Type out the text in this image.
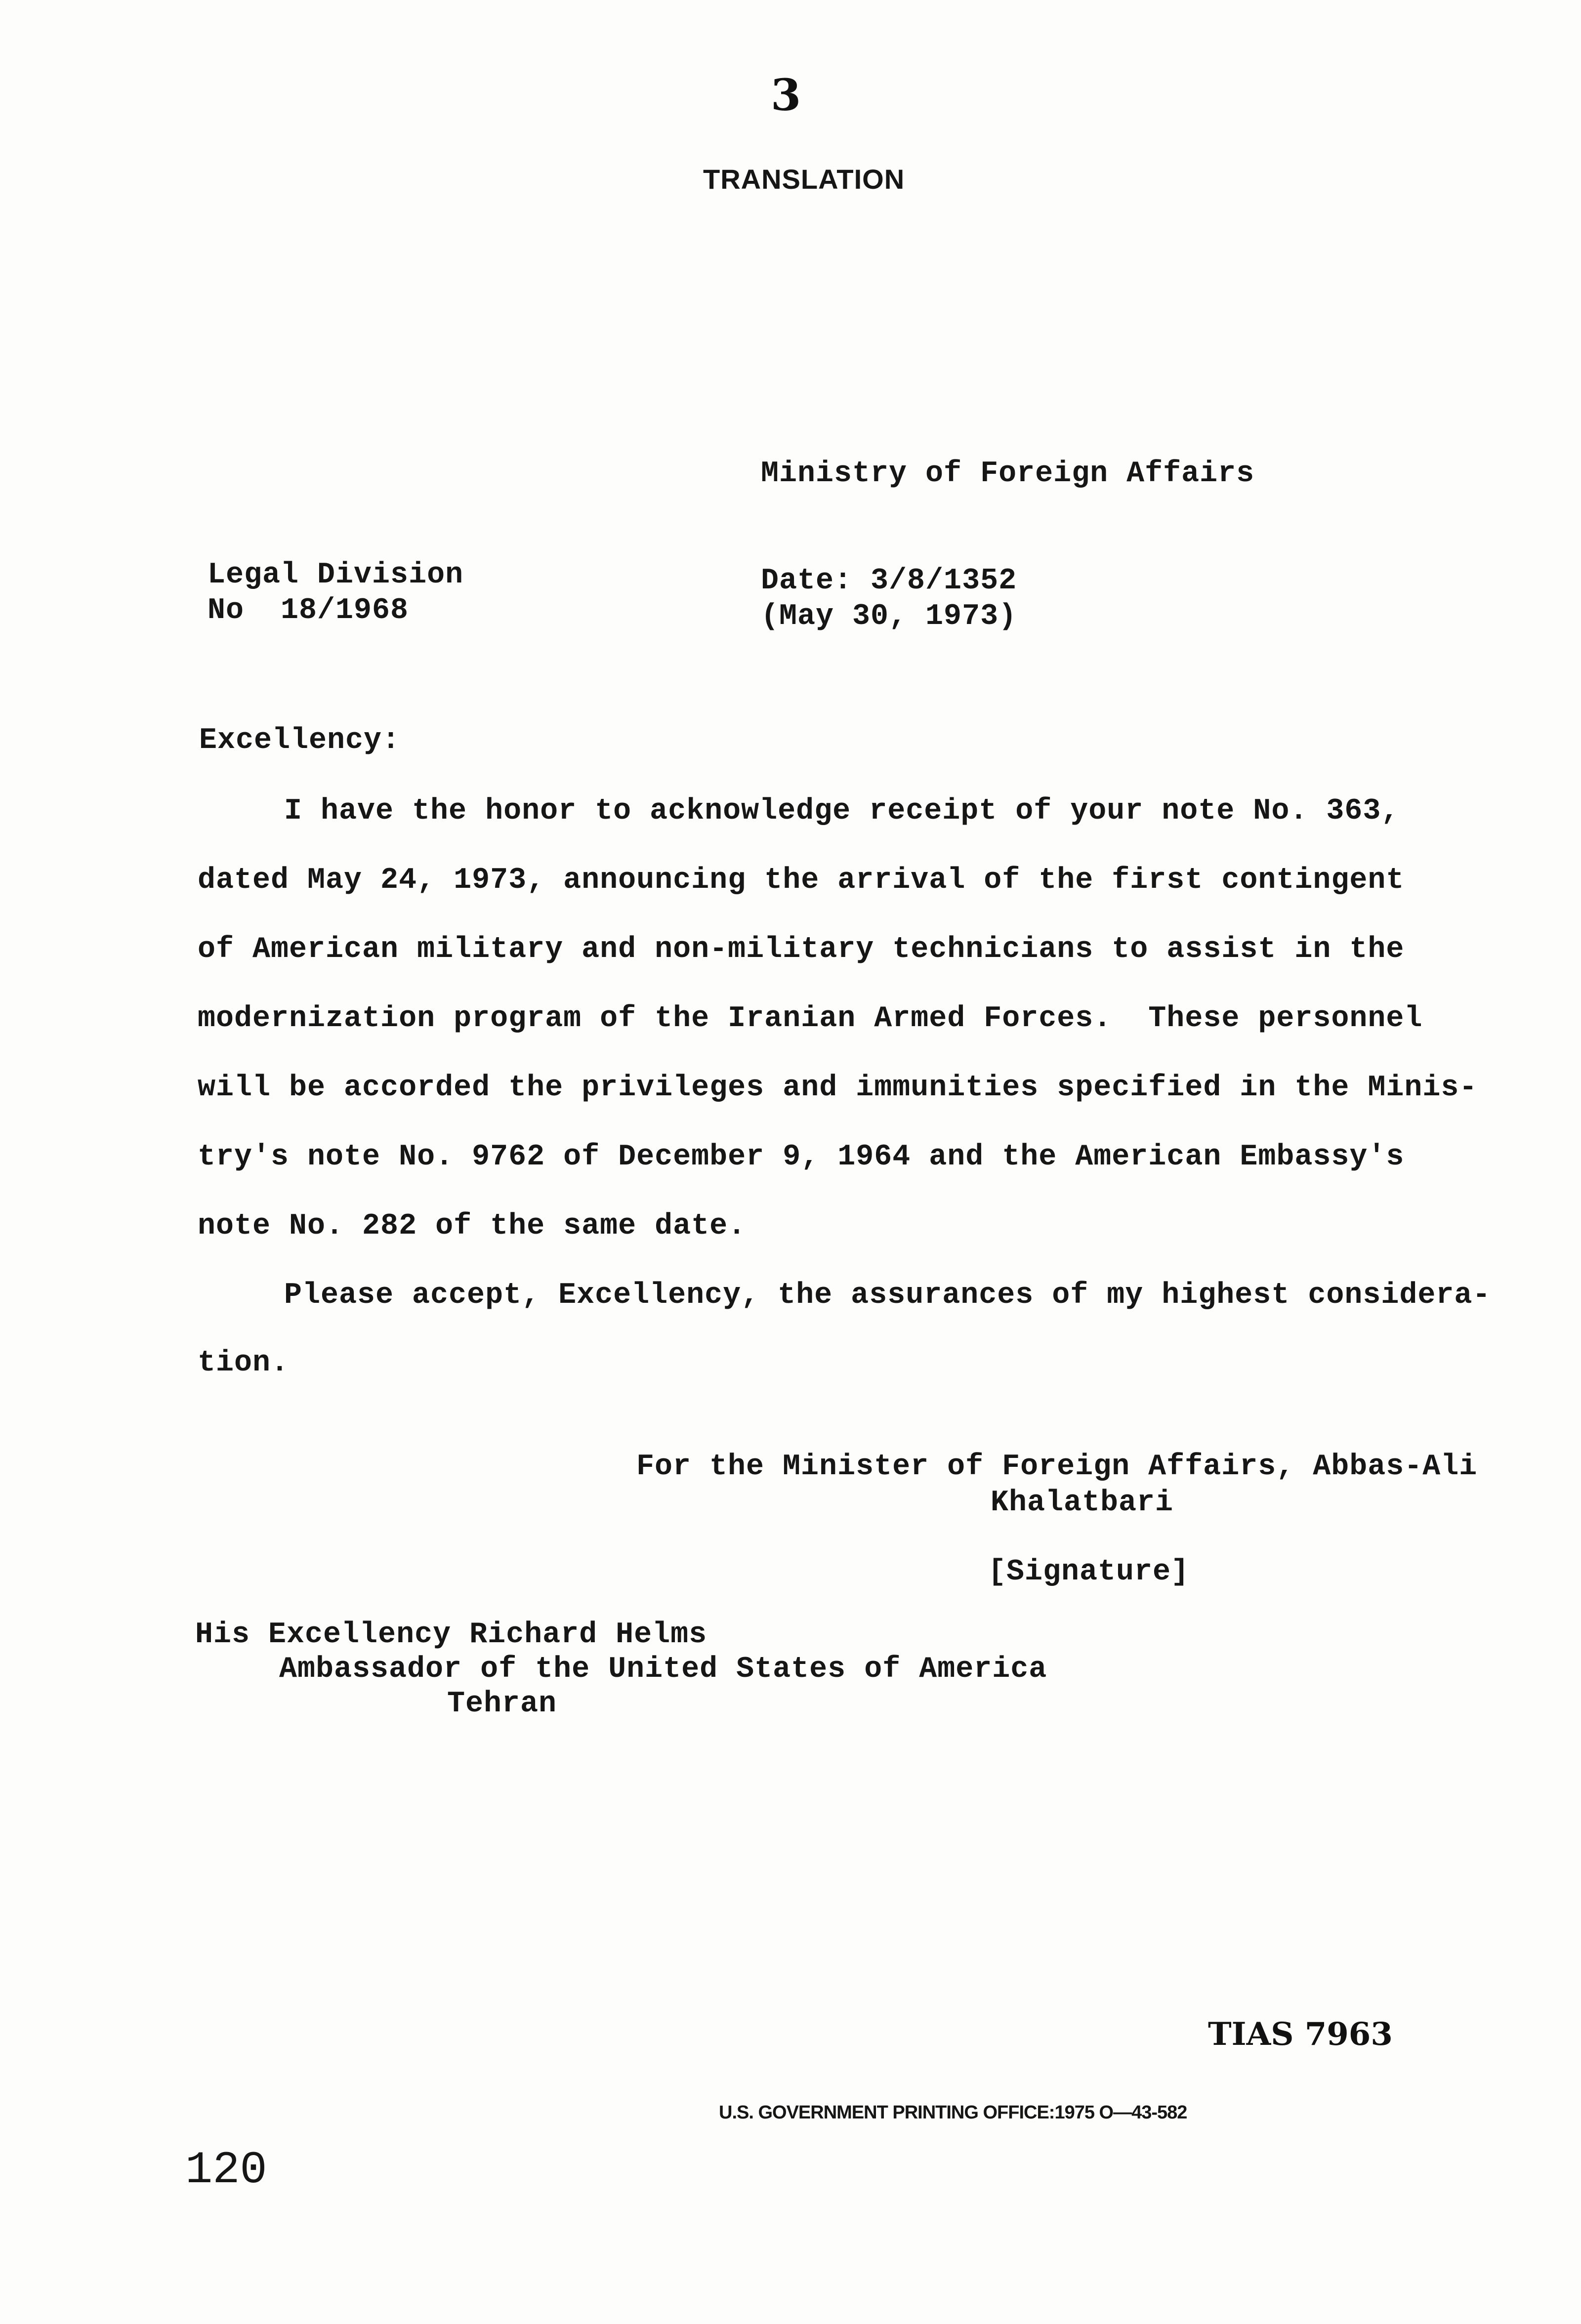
3
TRANSLATION
Ministry of Foreign Affairs
Legal Division
No  18/1968
Date: 3/8/1352
(May 30, 1973)
Excellency:
I have the honor to acknowledge receipt of your note No. 363,
dated May 24, 1973, announcing the arrival of the first contingent
of American military and non-military technicians to assist in the
modernization program of the Iranian Armed Forces.  These personnel
will be accorded the privileges and immunities specified in the Minis-
try's note No. 9762 of December 9, 1964 and the American Embassy's
note No. 282 of the same date.
Please accept, Excellency, the assurances of my highest considera-
tion.
For the Minister of Foreign Affairs, Abbas-Ali
Khalatbari
[Signature]
His Excellency Richard Helms
Ambassador of the United States of America
Tehran
TIAS 7963
U.S. GOVERNMENT PRINTING OFFICE:1975 O—43-582
120
